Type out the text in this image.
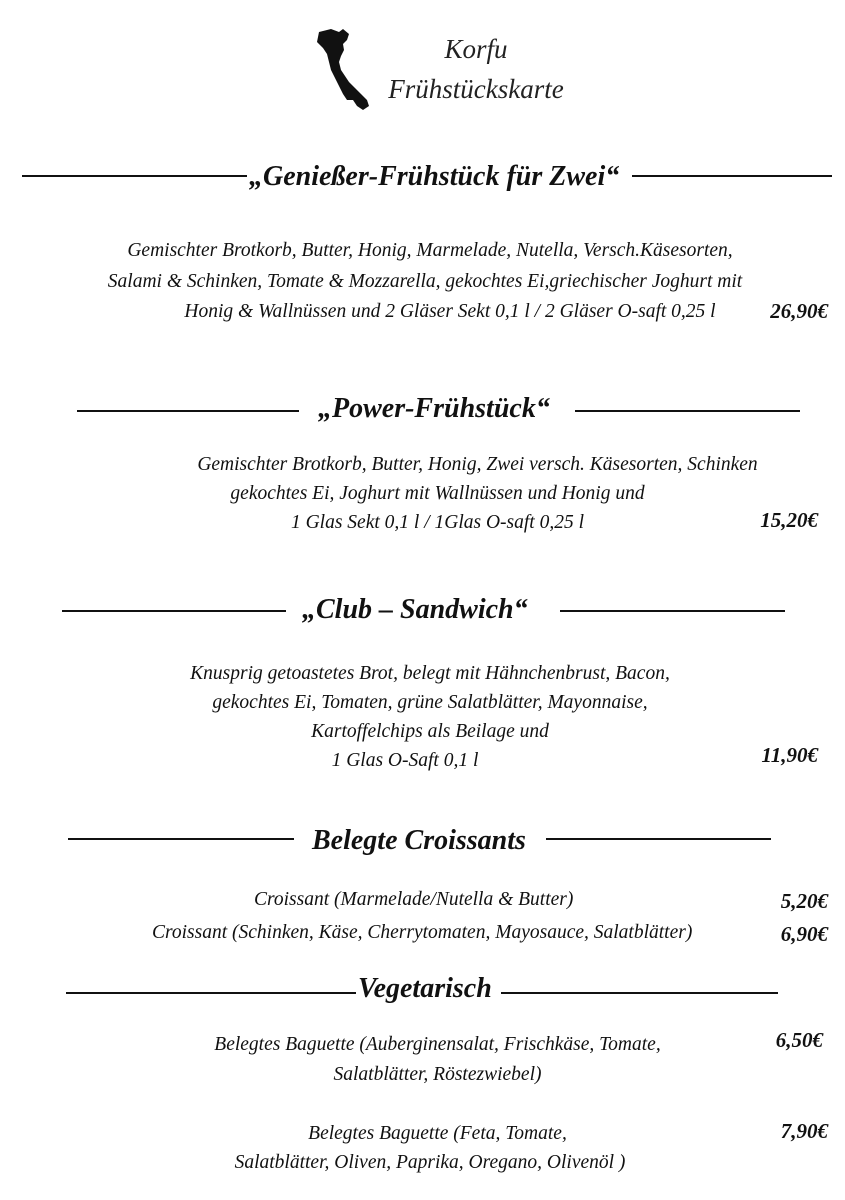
Korfu
Frühstückskarte
„Genießer-Frühstück für Zwei“
Gemischter Brotkorb, Butter, Honig, Marmelade, Nutella, Versch.Käsesorten,
Salami & Schinken, Tomate & Mozzarella, gekochtes Ei,griechischer Joghurt mit
Honig & Wallnüssen und 2 Gläser Sekt 0,1 l / 2 Gläser O-saft 0,25 l	26,90€
„Power-Frühstück“
Gemischter Brotkorb, Butter, Honig, Zwei versch. Käsesorten, Schinken
gekochtes Ei, Joghurt mit Wallnüssen und Honig und
1 Glas Sekt 0,1 l / 1Glas O-saft 0,25 l	15,20€
„Club – Sandwich“
Knusprig getoastetes Brot, belegt mit Hähnchenbrust, Bacon,
gekochtes Ei, Tomaten, grüne Salatblätter, Mayonnaise,
Kartoffelchips als Beilage und
1 Glas O-Saft 0,1 l	11,90€
Belegte Croissants
Croissant (Marmelade/Nutella & Butter)	5,20€
Croissant (Schinken, Käse, Cherrytomaten, Mayosauce, Salatblätter)	6,90€
Vegetarisch
Belegtes Baguette (Auberginensalat, Frischkäse, Tomate,
Salatblätter, Röstezwiebel)
6,50€
Belegtes Baguette (Feta, Tomate,
Salatblätter, Oliven, Paprika, Oregano, Olivenöl )
7,90€
